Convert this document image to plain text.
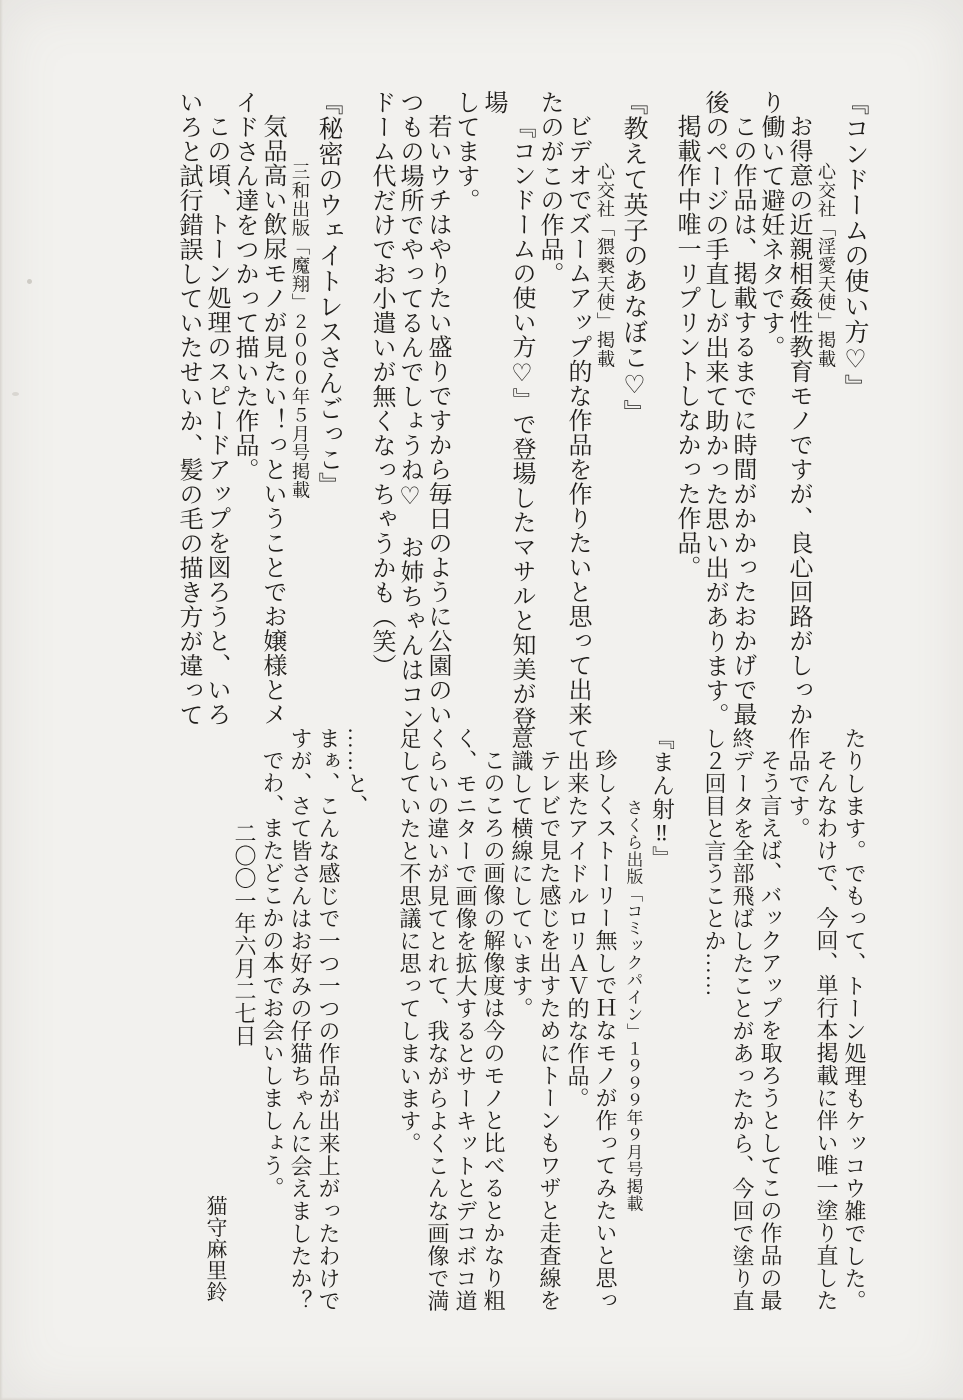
『コンドームの使い方♡』

心交社「淫愛天使」掲載

お得意の近親相姦性教育モノですが、良心回路がしっか

り働いて避妊ネタです。

この作品は、掲載するまでに時間がかかったおかげで最

後のページの手直しが出来て助かった思い出があります。

掲載作中唯一リプリントしなかった作品。

『教えて英子のあなぼこ♡』

心交社「猥褻天使」掲載

ビデオでズームアップ的な作品を作りたいと思って出来

たのがこの作品。

『コンドームの使い方♡』で登場したマサルと知美が登場

してます。

若いウチはやりたい盛りですから毎日のように公園のい

つもの場所でやってるんでしょうね♡　お姉ちゃんはコン

ドーム代だけでお小遣いが無くなっちゃうかも（笑）

『秘密のウェイトレスさんごっこ』

三和出版「魔翔」２０００年５月号掲載

気品高い飲尿モノが見たい！っということでお嬢様とメ

イドさん達をつかって描いた作品。

この頃、トーン処理のスピードアップを図ろうと、いろ

いろと試行錯誤していたせいか、髪の毛の描き方が違って

たりします。でもって、トーン処理もケッコウ雑でした。

そんなわけで、今回、単行本掲載に伴い唯一塗り直した

作品です。

そう言えば、バックアップを取ろうとしてこの作品の最

終データを全部飛ばしたことがあったから、今回で塗り直

し２回目と言うことか……

『まん射‼』

さくら出版「コミックパイン」１９９９年９月号掲載

珍しくストーリー無しでＨなモノが作ってみたいと思っ

て出来たアイドルロリＡＶ的な作品。

テレビで見た感じを出すためにトーンもワザと走査線を

意識して横線にしています。

このころの画像の解像度は今のモノと比べるとかなり粗

く、モニターで画像を拡大するとサーキットとデコボコ道

くらいの違いが見てとれて、我ながらよくこんな画像で満

足していたと不思議に思ってしまいます。

……と、

まぁ、こんな感じで一つ一つの作品が出来上がったわけで

すが、さて皆さんはお好みの仔猫ちゃんに会えましたか？

でわ、またどこかの本でお会いしましょう。

二〇〇一年六月二七日

猫守麻里鈴
